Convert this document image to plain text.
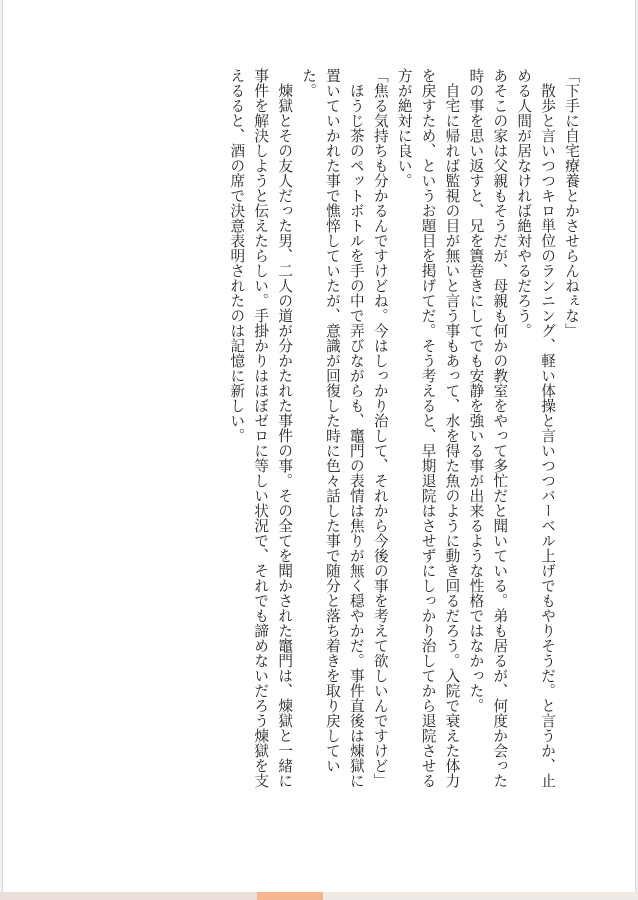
「下手に自宅療養とかさせらんねぇな」

　散歩と言いつつキロ単位のランニング、軽い体操と言いつつバーベル上げでもやりそうだ。と言うか、止める人間が居なければ絶対やるだろう。

あそこの家は父親もそうだが、母親も何かの教室をやって多忙だと聞いている。弟も居るが、何度か会った時の事を思い返すと、兄を簀巻きにしてでも安静を強いる事が出来るような性格ではなかった。

　自宅に帰れば監視の目が無いと言う事もあって、水を得た魚のように動き回るだろう。入院で衰えた体力を戻すため、というお題目を掲げてだ。そう考えると、早期退院はさせずにしっかり治してから退院させる方が絶対に良い。

「焦る気持ちも分かるんですけどね。今はしっかり治して、それから今後の事を考えて欲しいんですけど」

　ほうじ茶のペットボトルを手の中で弄びながらも、竈門の表情は焦りが無く穏やかだ。事件直後は煉獄に置いていかれた事で憔悴していたが、意識が回復した時に色々話した事で随分と落ち着きを取り戻していた。

　煉獄とその友人だった男、二人の道が分かたれた事件の事。その全てを聞かされた竈門は、煉獄と一緒に事件を解決しようと伝えたらしい。手掛かりはほぼゼロに等しい状況で、それでも諦めないだろう煉獄を支えるると、酒の席で決意表明されたのは記憶に新しい。
